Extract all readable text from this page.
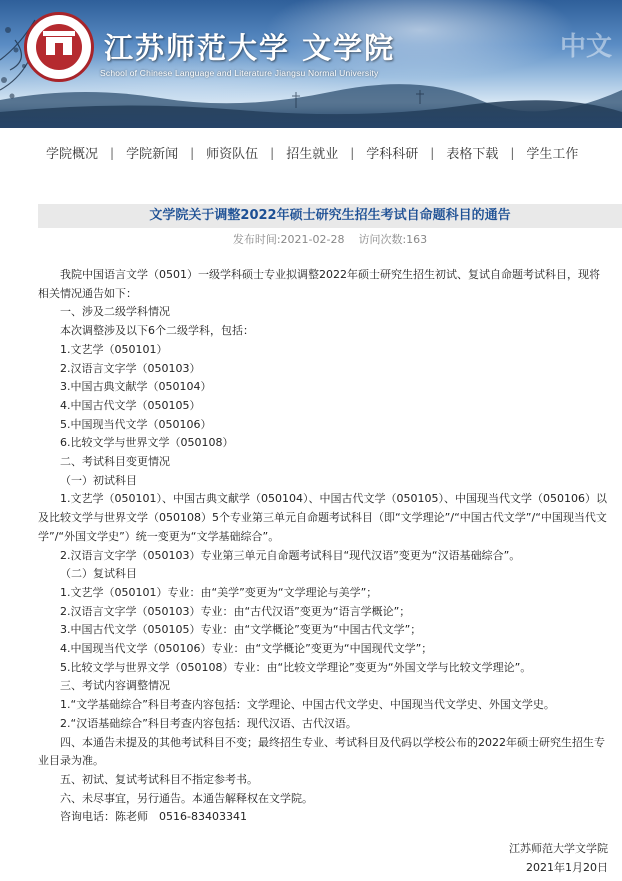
江苏师范大学 文学院
School of Chinese Language and Literature Jiangsu Normal University
中文
学院概况 | 学院新闻 | 师资队伍 | 招生就业 | 学科科研 | 表格下载 | 学生工作
文学院关于调整2022年硕士研究生招生考试自命题科目的通告
发布时间:2021-02-28 访问次数:163

我院中国语言文学（0501）一级学科硕士专业拟调整2022年硕士研究生招生初试、复试自命题考试科目，现将相关情况通告如下：

一、涉及二级学科情况

本次调整涉及以下6个二级学科，包括：

1.文艺学（050101）

2.汉语言文字学（050103）

3.中国古典文献学（050104）

4.中国古代文学（050105）

5.中国现当代文学（050106）

6.比较文学与世界文学（050108）

二、考试科目变更情况

（一）初试科目

1.文艺学（050101）、中国古典文献学（050104）、中国古代文学（050105）、中国现当代文学（050106）以及比较文学与世界文学（050108）5个专业第三单元自命题考试科目（即“文学理论”/“中国古代文学”/“中国现当代文学”/“外国文学史”）统一变更为“文学基础综合”。

2.汉语言文字学（050103）专业第三单元自命题考试科目“现代汉语”变更为“汉语基础综合”。

（二）复试科目

1.文艺学（050101）专业：由“美学”变更为“文学理论与美学”；

2.汉语言文字学（050103）专业：由“古代汉语”变更为“语言学概论”；

3.中国古代文学（050105）专业：由“文学概论”变更为“中国古代文学”；

4.中国现当代文学（050106）专业：由“文学概论”变更为“中国现代文学”；

5.比较文学与世界文学（050108）专业：由“比较文学理论”变更为“外国文学与比较文学理论”。

三、考试内容调整情况

1.“文学基础综合”科目考查内容包括：文学理论、中国古代文学史、中国现当代文学史、外国文学史。

2.“汉语基础综合”科目考查内容包括：现代汉语、古代汉语。

四、本通告未提及的其他考试科目不变；最终招生专业、考试科目及代码以学校公布的2022年硕士研究生招生专业目录为准。

五、初试、复试考试科目不指定参考书。

六、未尽事宜，另行通告。本通告解释权在文学院。

咨询电话：陈老师　0516-83403341

江苏师范大学文学院
2021年1月20日
